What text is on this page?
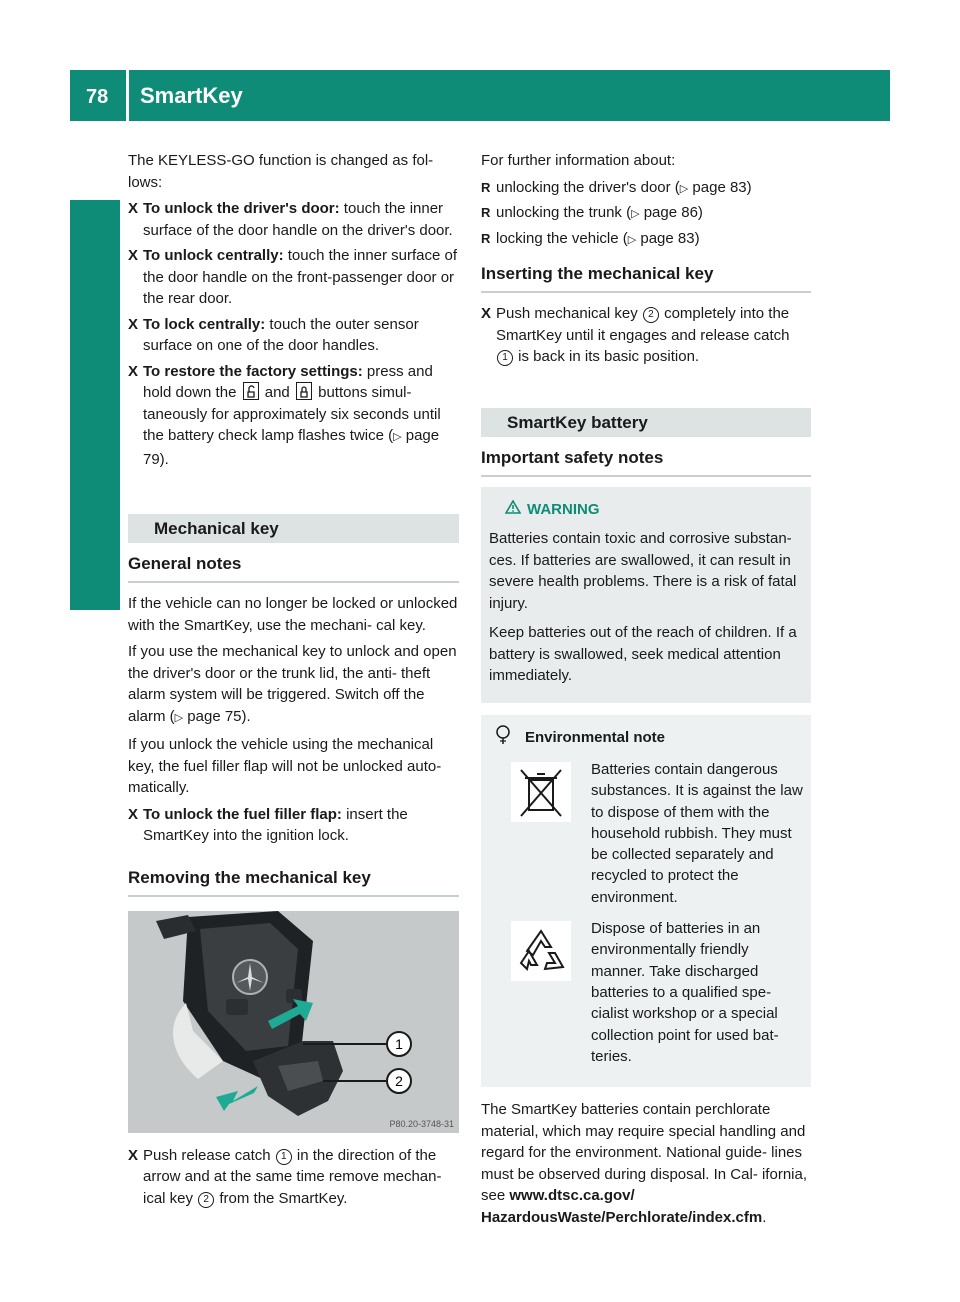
78 SmartKey
Opening and closing

The KEYLESS-GO function is changed as fol- lows:

X To unlock the driver's door: touch the inner surface of the door handle on the driver's door.
X To unlock centrally: touch the inner surface of the door handle on the front-passenger door or the rear door.
X To lock centrally: touch the outer sensor surface on one of the door handles.
X To restore the factory settings: press and hold down the
and
buttons simul- taneously for approximately six seconds until the battery check lamp flashes twice (▷ page 79).
Mechanical key
General notes

If the vehicle can no longer be locked or unlocked with the SmartKey, use the mechani- cal key.

If you use the mechanical key to unlock and open the driver's door or the trunk lid, the anti- theft alarm system will be triggered. Switch off the alarm (▷ page 75).

If you unlock the vehicle using the mechanical key, the fuel filler flap will not be unlocked auto- matically.

X To unlock the fuel filler flap: insert the SmartKey into the ignition lock.
Removing the mechanical key
1
2
P80.20-3748-31
X Push release catch 1 in the direction of the arrow and at the same time remove mechan- ical key 2 from the SmartKey.

For further information about:

R unlocking the driver's door (▷ page 83)
R unlocking the trunk (▷ page 86)
R locking the vehicle (▷ page 83)
Inserting the mechanical key
X Push mechanical key 2 completely into the SmartKey until it engages and release catch 1 is back in its basic position.
SmartKey battery
Important safety notes
WARNING

Batteries contain toxic and corrosive substan- ces. If batteries are swallowed, it can result in severe health problems. There is a risk of fatal injury.

Keep batteries out of the reach of children. If a battery is swallowed, seek medical attention immediately.

Environmental note
Batteries contain dangerous substances. It is against the law to dispose of them with the household rubbish. They must be collected separately and recycled to protect the environment.
Dispose of batteries in an environmentally friendly manner. Take discharged batteries to a qualified spe- cialist workshop or a special collection point for used bat- teries.

The SmartKey batteries contain perchlorate material, which may require special handling and regard for the environment. National guide- lines must be observed during disposal. In Cal- ifornia, see www.dtsc.ca.gov/ HazardousWaste/Perchlorate/index.cfm.
